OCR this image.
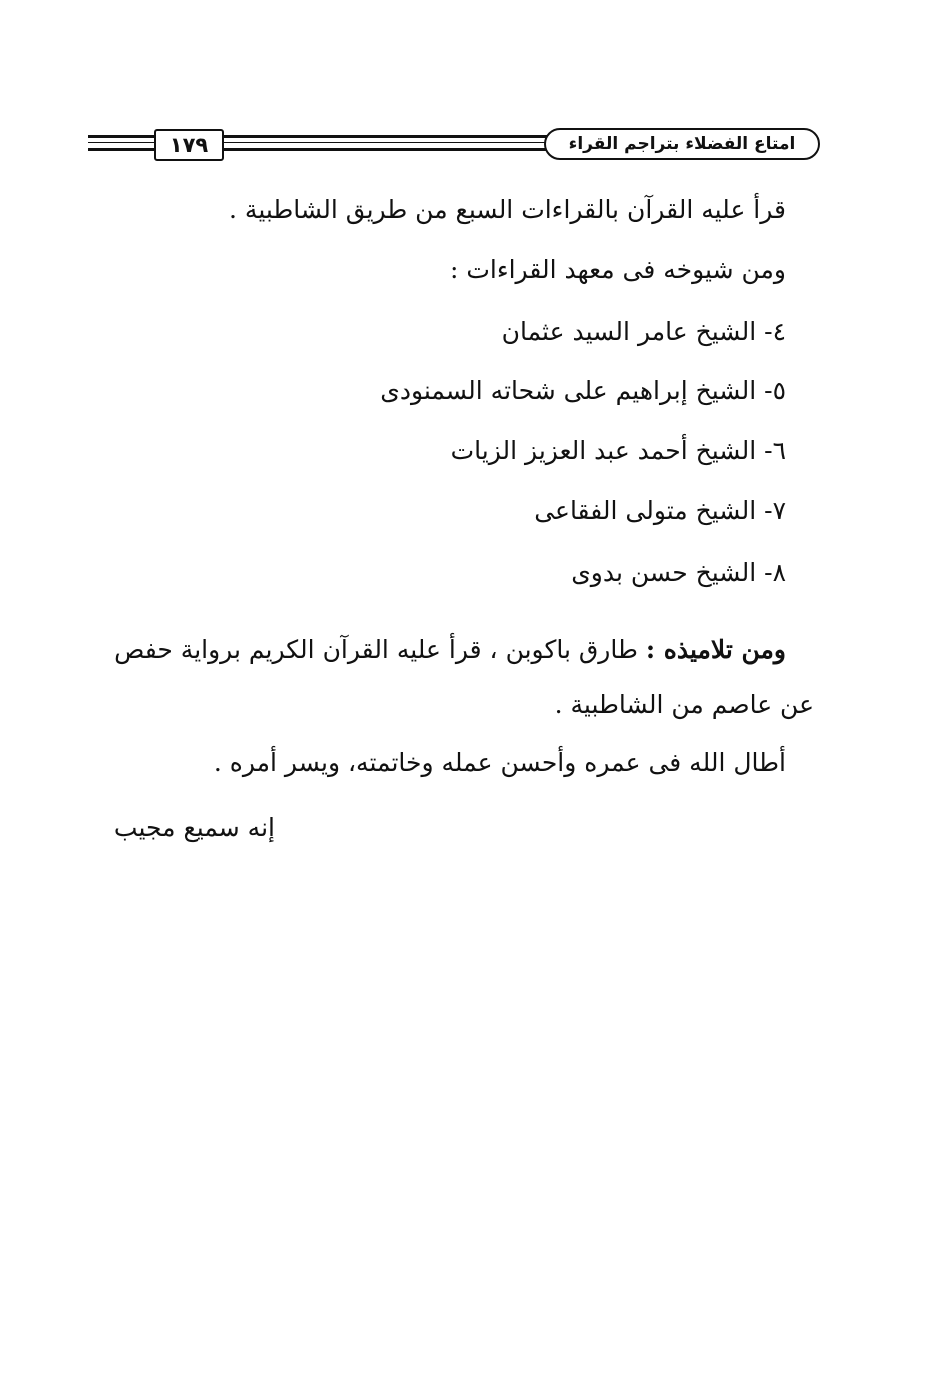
١٧٩	امتاع الفضلاء بتراجم القراء
قرأ عليه القرآن بالقراءات السبع من طريق الشاطبية .
ومن شيوخه فى معهد القراءات :
٤- الشيخ عامر السيد عثمان
٥- الشيخ إبراهيم على شحاته السمنودى
٦- الشيخ أحمد عبد العزيز الزيات
٧- الشيخ متولى الفقاعى
٨- الشيخ حسن بدوى
ومن تلاميذه : طارق باكوبن ، قرأ عليه القرآن الكريم برواية حفص
عن عاصم من الشاطبية .
أطال الله فى عمره وأحسن عمله وخاتمته، ويسر أمره .
إنه سميع مجيب
